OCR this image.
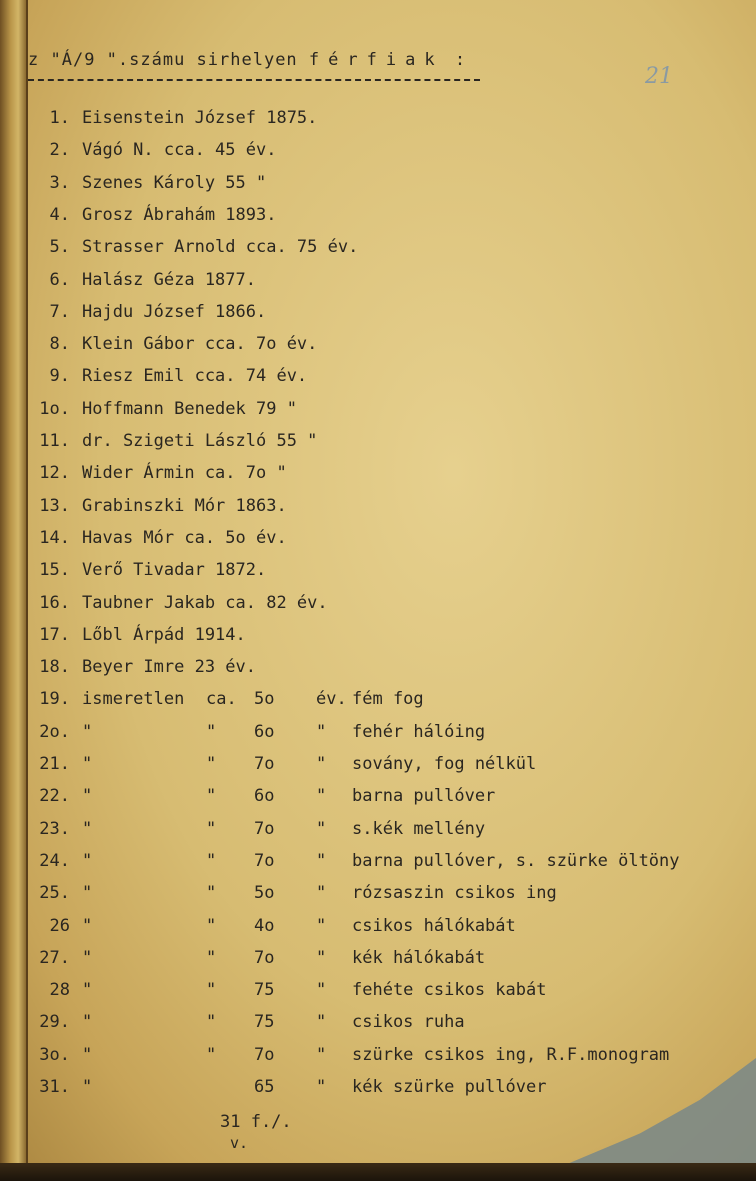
z "Á/9 ".számu sirhelyen férfiak :
21
1. Eisenstein József 1875.
2. Vágó N. cca. 45 év.
3. Szenes Károly 55 "
4. Grosz Ábrahám 1893.
5. Strasser Arnold cca. 75 év.
6. Halász Géza 1877.
7. Hajdu József 1866.
8. Klein Gábor cca. 7o év.
9. Riesz Emil cca. 74 év.
1o. Hoffmann Benedek 79 "
11. dr. Szigeti László 55 "
12. Wider Ármin ca. 7o "
13. Grabinszki Mór 1863.
14. Havas Mór ca. 5o év.
15. Verő Tivadar 1872.
16. Taubner Jakab ca. 82 év.
17. Lőbl Árpád 1914.
18. Beyer Imre 23 év.
19. ismeretlen ca. 5o év. fém fog
2o. "	" 6o " fehér hálóing
21. "	" 7o " sovány, fog nélkül
22. "	" 6o " barna pullóver
23. "	" 7o " s.kék mellény
24. "	" 7o " barna pullóver, s. szürke öltöny
25. "	" 5o " rózsaszin csikos ing
26 "	" 4o " csikos hálókabát
27. "	" 7o " kék hálókabát
28 "	" 75 " fehéte csikos kabát
29. "	" 75 " csikos ruha
3o. "	" 7o " szürke csikos ing, R.F.monogram
31. "	65 " kék szürke pullóver
31 f./.
v.
